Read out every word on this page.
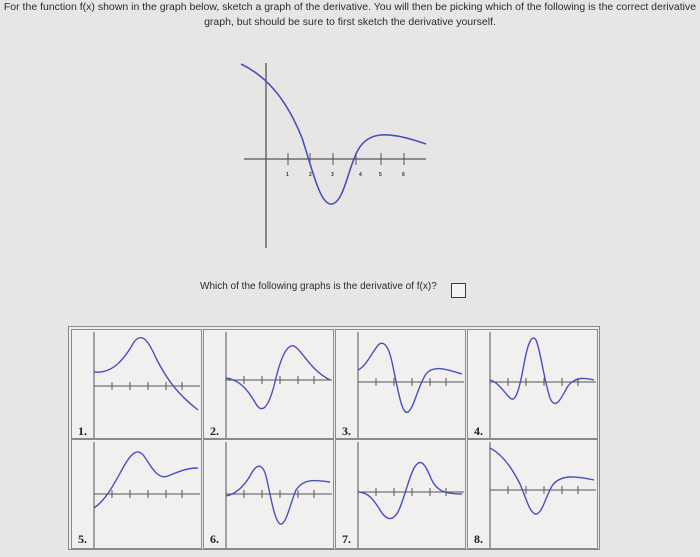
For the function f(x) shown in the graph below, sketch a graph of the derivative. You will then be picking which of the following is the correct derivative
graph, but should be sure to first sketch the derivative yourself.
1	2	3	4	5	6
Which of the following graphs is the derivative of f(x)?
1.	2.	3.	4.
5.	6.	7.	8.
